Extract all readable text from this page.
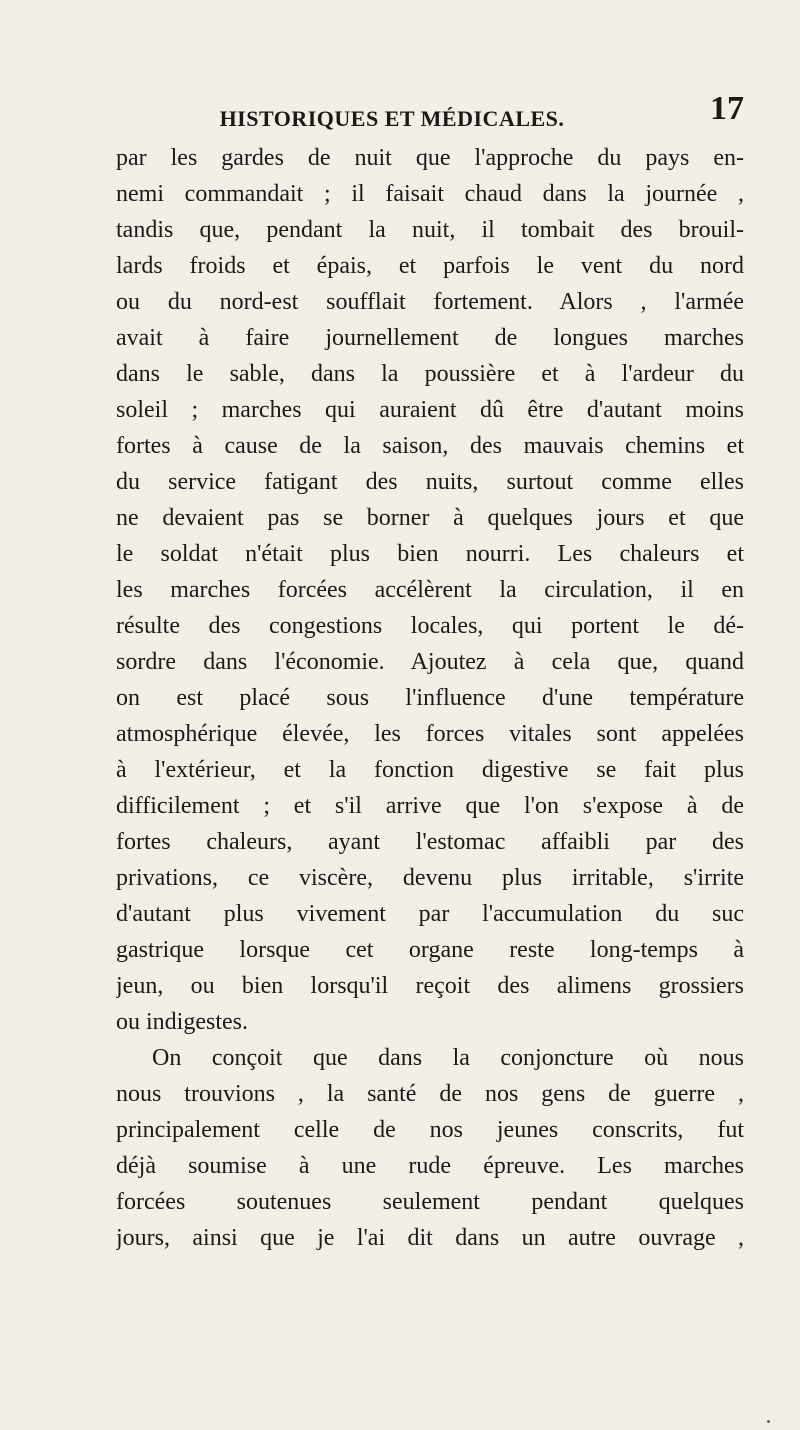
HISTORIQUES ET MÉDICALES.	17
par les gardes de nuit que l'approche du pays en-
nemi commandait ; il faisait chaud dans la journée ,
tandis que, pendant la nuit, il tombait des brouil-
lards froids et épais, et parfois le vent du nord
ou du nord-est soufflait fortement. Alors , l'armée
avait à faire journellement de longues marches
dans le sable, dans la poussière et à l'ardeur du
soleil ; marches qui auraient dû être d'autant moins
fortes à cause de la saison, des mauvais chemins et
du service fatigant des nuits, surtout comme elles
ne devaient pas se borner à quelques jours et que
le soldat n'était plus bien nourri. Les chaleurs et
les marches forcées accélèrent la circulation, il en
résulte des congestions locales, qui portent le dé-
sordre dans l'économie. Ajoutez à cela que, quand
on est placé sous l'influence d'une température
atmosphérique élevée, les forces vitales sont appelées
à l'extérieur, et la fonction digestive se fait plus
difficilement ; et s'il arrive que l'on s'expose à de
fortes chaleurs, ayant l'estomac affaibli par des
privations, ce viscère, devenu plus irritable, s'irrite
d'autant plus vivement par l'accumulation du suc
gastrique lorsque cet organe reste long-temps à
jeun, ou bien lorsqu'il reçoit des alimens grossiers
ou indigestes.
On conçoit que dans la conjoncture où nous
nous trouvions , la santé de nos gens de guerre ,
principalement celle de nos jeunes conscrits, fut
déjà soumise à une rude épreuve. Les marches
forcées soutenues seulement pendant quelques
jours, ainsi que je l'ai dit dans un autre ouvrage ,
